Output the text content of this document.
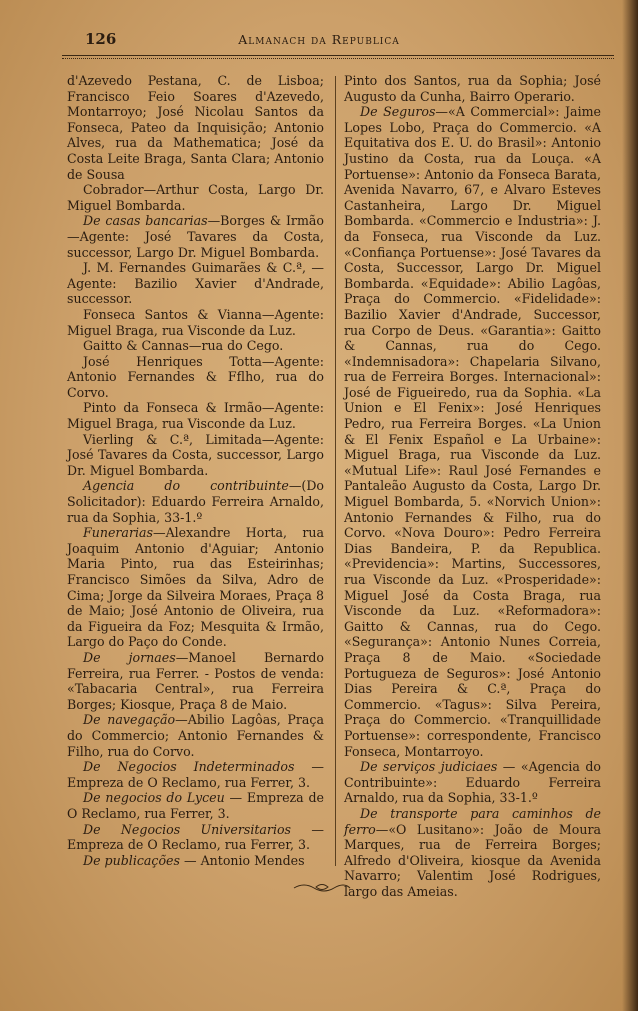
126	Almanach da Republica

d'Azevedo Pestana, C. de Lisboa; Francisco Feio Soares d'Azevedo, Montarroyo; José Nicolau Santos da Fonseca, Pateo da Inquisição; Antonio Alves, rua da Mathematica; José da Costa Leite Braga, Santa Clara; Antonio de Sousa

Cobrador—Arthur Costa, Largo Dr. Miguel Bombarda.

De casas bancarias—Borges & Irmão—Agente: José Tavares da Costa, successor, Largo Dr. Miguel Bombarda.

J. M. Fernandes Guimarães & C.ª, — Agente: Bazilio Xavier d'Andrade, successor.

Fonseca Santos & Vianna—Agente: Miguel Braga, rua Visconde da Luz.

Gaitto & Cannas—rua do Cego.

José Henriques Totta—Agente: Antonio Fernandes & Fflho, rua do Corvo.

Pinto da Fonseca & Irmão—Agente: Miguel Braga, rua Visconde da Luz.

Vierling & C.ª, Limitada—Agente: José Tavares da Costa, successor, Largo Dr. Miguel Bombarda.

Agencia do contribuinte—(Do Solicitador): Eduardo Ferreira Arnaldo, rua da Sophia, 33-1.º

Funerarias—Alexandre Horta, rua Joaquim Antonio d'Aguiar; Antonio Maria Pinto, rua das Esteirinhas; Francisco Simões da Silva, Adro de Cima; Jorge da Silveira Moraes, Praça 8 de Maio; José Antonio de Oliveira, rua da Figueira da Foz; Mesquita & Irmão, Largo do Paço do Conde.

De jornaes—Manoel Bernardo Ferreira, rua Ferrer. - Postos de venda: «Tabacaria Central», rua Ferreira Borges; Kiosque, Praça 8 de Maio.

De navegação—Abilio Lagôas, Praça do Commercio; Antonio Fernandes & Filho, rua do Corvo.

De Negocios Indeterminados — Empreza de O Reclamo, rua Ferrer, 3.

De negocios do Lyceu — Empreza de O Reclamo, rua Ferrer, 3.

De Negocios Universitarios — Empreza de O Reclamo, rua Ferrer, 3.

De publicações — Antonio Mendes

Pinto dos Santos, rua da Sophia; José Augusto da Cunha, Bairro Operario.

De Seguros—«A Commercial»: Jaime Lopes Lobo, Praça do Commercio. «A Equitativa dos E. U. do Brasil»: Antonio Justino da Costa, rua da Louça. «A Portuense»: Antonio da Fonseca Barata, Avenida Navarro, 67, e Alvaro Esteves Castanheira, Largo Dr. Miguel Bombarda. «Commercio e Industria»: J. da Fonseca, rua Visconde da Luz. «Confiança Portuense»: José Tavares da Costa, Successor, Largo Dr. Miguel Bombarda. «Equidade»: Abilio Lagôas, Praça do Commercio. «Fidelidade»: Bazilio Xavier d'Andrade, Successor, rua Corpo de Deus. «Garantia»: Gaitto & Cannas, rua do Cego. «Indemnisadora»: Chapelaria Silvano, rua de Ferreira Borges. Internacional»: José de Figueiredo, rua da Sophia. «La Union e El Fenix»: José Henriques Pedro, rua Ferreira Borges. «La Union & El Fenix Español e La Urbaine»: Miguel Braga, rua Visconde da Luz. «Mutual Life»: Raul José Fernandes e Pantaleão Augusto da Costa, Largo Dr. Miguel Bombarda, 5. «Norvich Union»: Antonio Fernandes & Filho, rua do Corvo. «Nova Douro»: Pedro Ferreira Dias Bandeira, P. da Republica. «Previdencia»: Martins, Successores, rua Visconde da Luz. «Prosperidade»: Miguel José da Costa Braga, rua Visconde da Luz. «Reformadora»: Gaitto & Cannas, rua do Cego. «Segurança»: Antonio Nunes Correia, Praça 8 de Maio. «Sociedade Portugueza de Seguros»: José Antonio Dias Pereira & C.ª, Praça do Commercio. «Tagus»: Silva Pereira, Praça do Commercio. «Tranquillidade Portuense»: correspondente, Francisco Fonseca, Montarroyo.

De serviços judiciaes — «Agencia do Contribuinte»: Eduardo Ferreira Arnaldo, rua da Sophia, 33-1.º

De transporte para caminhos de ferro—«O Lusitano»: João de Moura Marques, rua de Ferreira Borges; Alfredo d'Oliveira, kiosque da Avenida Navarro; Valentim José Rodrigues, largo das Ameias.
